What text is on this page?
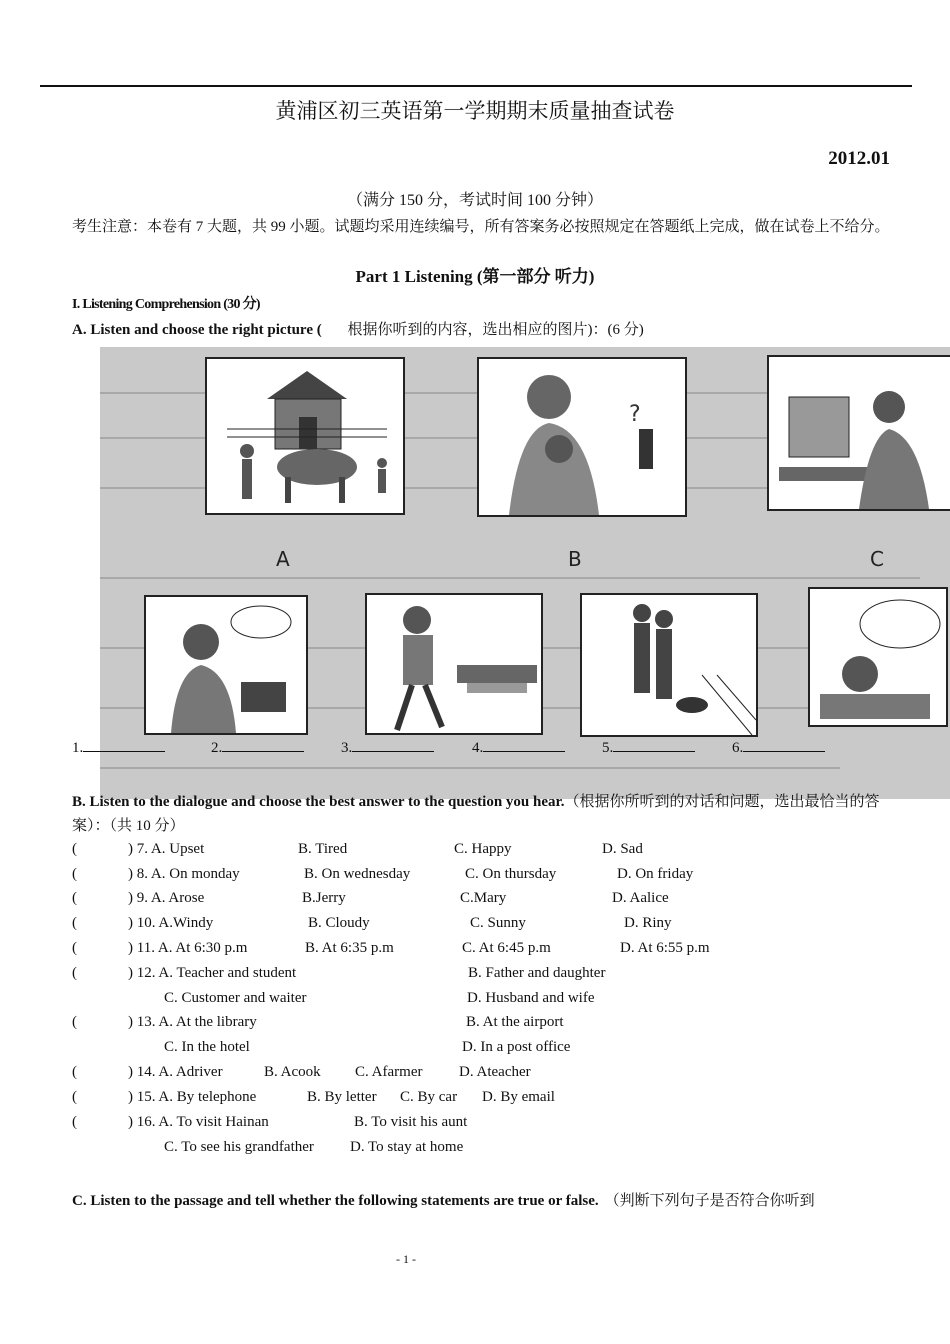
黄浦区初三英语第一学期期末质量抽查试卷
2012.01
（满分 150 分，考试时间 100 分钟）
考生注意：本卷有 7 大题，共 99 小题。试题均采用连续编号，所有答案务必按照规定在答题纸上完成，做在试卷上不给分。
Part 1 Listening (第一部分 听力)
I. Listening Comprehension (30 分)
A. Listen and choose the right picture ( 根据你听到的内容，选出相应的图片)：(6 分)
A
?
B	C
1.	2.	3.	4.	5.	6.
B. Listen to the dialogue and choose the best answer to the question you hear.（根据你所听到的对话和问题，选出最恰当的答案）：（共 10 分）
(	) 7. A. Upset	B. Tired	C. Happy	D. Sad
(	) 8. A. On monday	B. On wednesday	C. On thursday	D. On friday
(	) 9. A. Arose	B.Jerry	C.Mary	D. Aalice
(	) 10. A.Windy	B. Cloudy	C. Sunny	D. Riny
(	) 11. A. At 6:30 p.m	B. At 6:35 p.m	C. At 6:45 p.m	D. At 6:55 p.m
(	) 12. A. Teacher and student	B. Father and daughter
C. Customer and waiter	D. Husband and wife
(	) 13. A. At the library	B. At the airport
C. In the hotel	D. In a post office
(	) 14. A. Adriver	B. Acook C. Afarmer D. Ateacher
(	) 15. A. By telephone	B. By letter C. By car D. By email
(	) 16. A. To visit Hainan	B. To visit his aunt
C. To see his grandfather D. To stay at home
C. Listen to the passage and tell whether the following statements are true or false. （判断下列句子是否符合你听到
- 1 -
